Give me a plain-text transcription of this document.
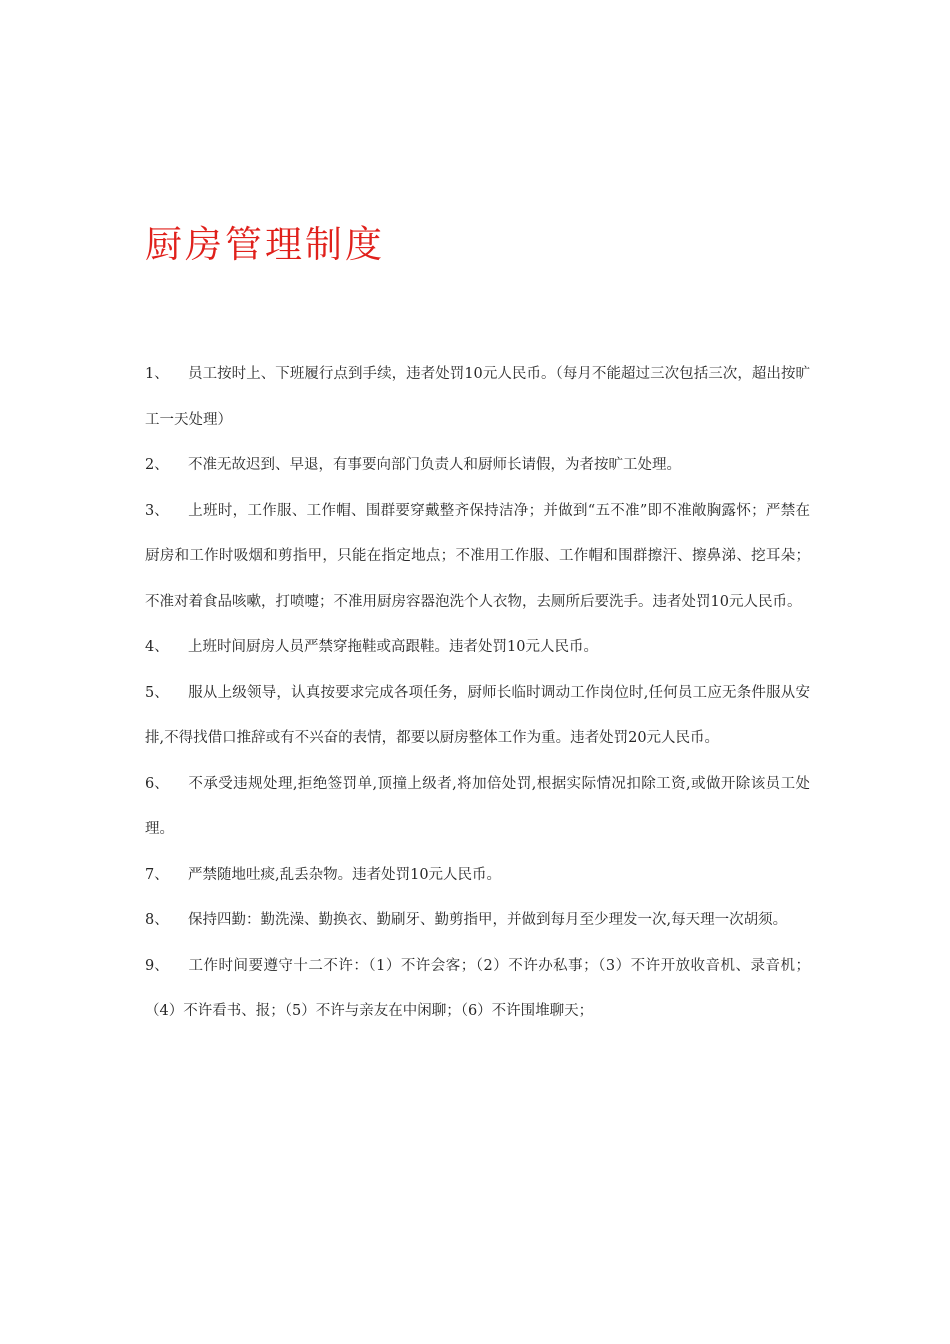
厨房管理制度

1、 员工按时上、下班履行点到手续，违者处罚10元人民币。（每月不能超过三次包括三次，超出按旷工一天处理）

2、 不准无故迟到、早退，有事要向部门负责人和厨师长请假，为者按旷工处理。

3、 上班时，工作服、工作帽、围群要穿戴整齐保持洁净；并做到“五不准”即不准敞胸露怀；严禁在厨房和工作时吸烟和剪指甲，只能在指定地点；不准用工作服、工作帽和围群擦汗、擦鼻涕、挖耳朵；不准对着食品咳嗽，打喷嚏；不准用厨房容器泡洗个人衣物，去厕所后要洗手。违者处罚10元人民币。

4、 上班时间厨房人员严禁穿拖鞋或高跟鞋。违者处罚10元人民币。

5、 服从上级领导，认真按要求完成各项任务，厨师长临时调动工作岗位时,任何员工应无条件服从安排,不得找借口推辞或有不兴奋的表情，都要以厨房整体工作为重。违者处罚20元人民币。

6、 不承受违规处理,拒绝签罚单,顶撞上级者,将加倍处罚,根据实际情况扣除工资,或做开除该员工处理。

7、 严禁随地吐痰,乱丢杂物。违者处罚10元人民币。

8、 保持四勤：勤洗澡、勤换衣、勤刷牙、勤剪指甲，并做到每月至少理发一次,每天理一次胡须。

9、 工作时间要遵守十二不许：（1）不许会客；（2）不许办私事；（3）不许开放收音机、录音机；（4）不许看书、报；（5）不许与亲友在中闲聊；（6）不许围堆聊天；
